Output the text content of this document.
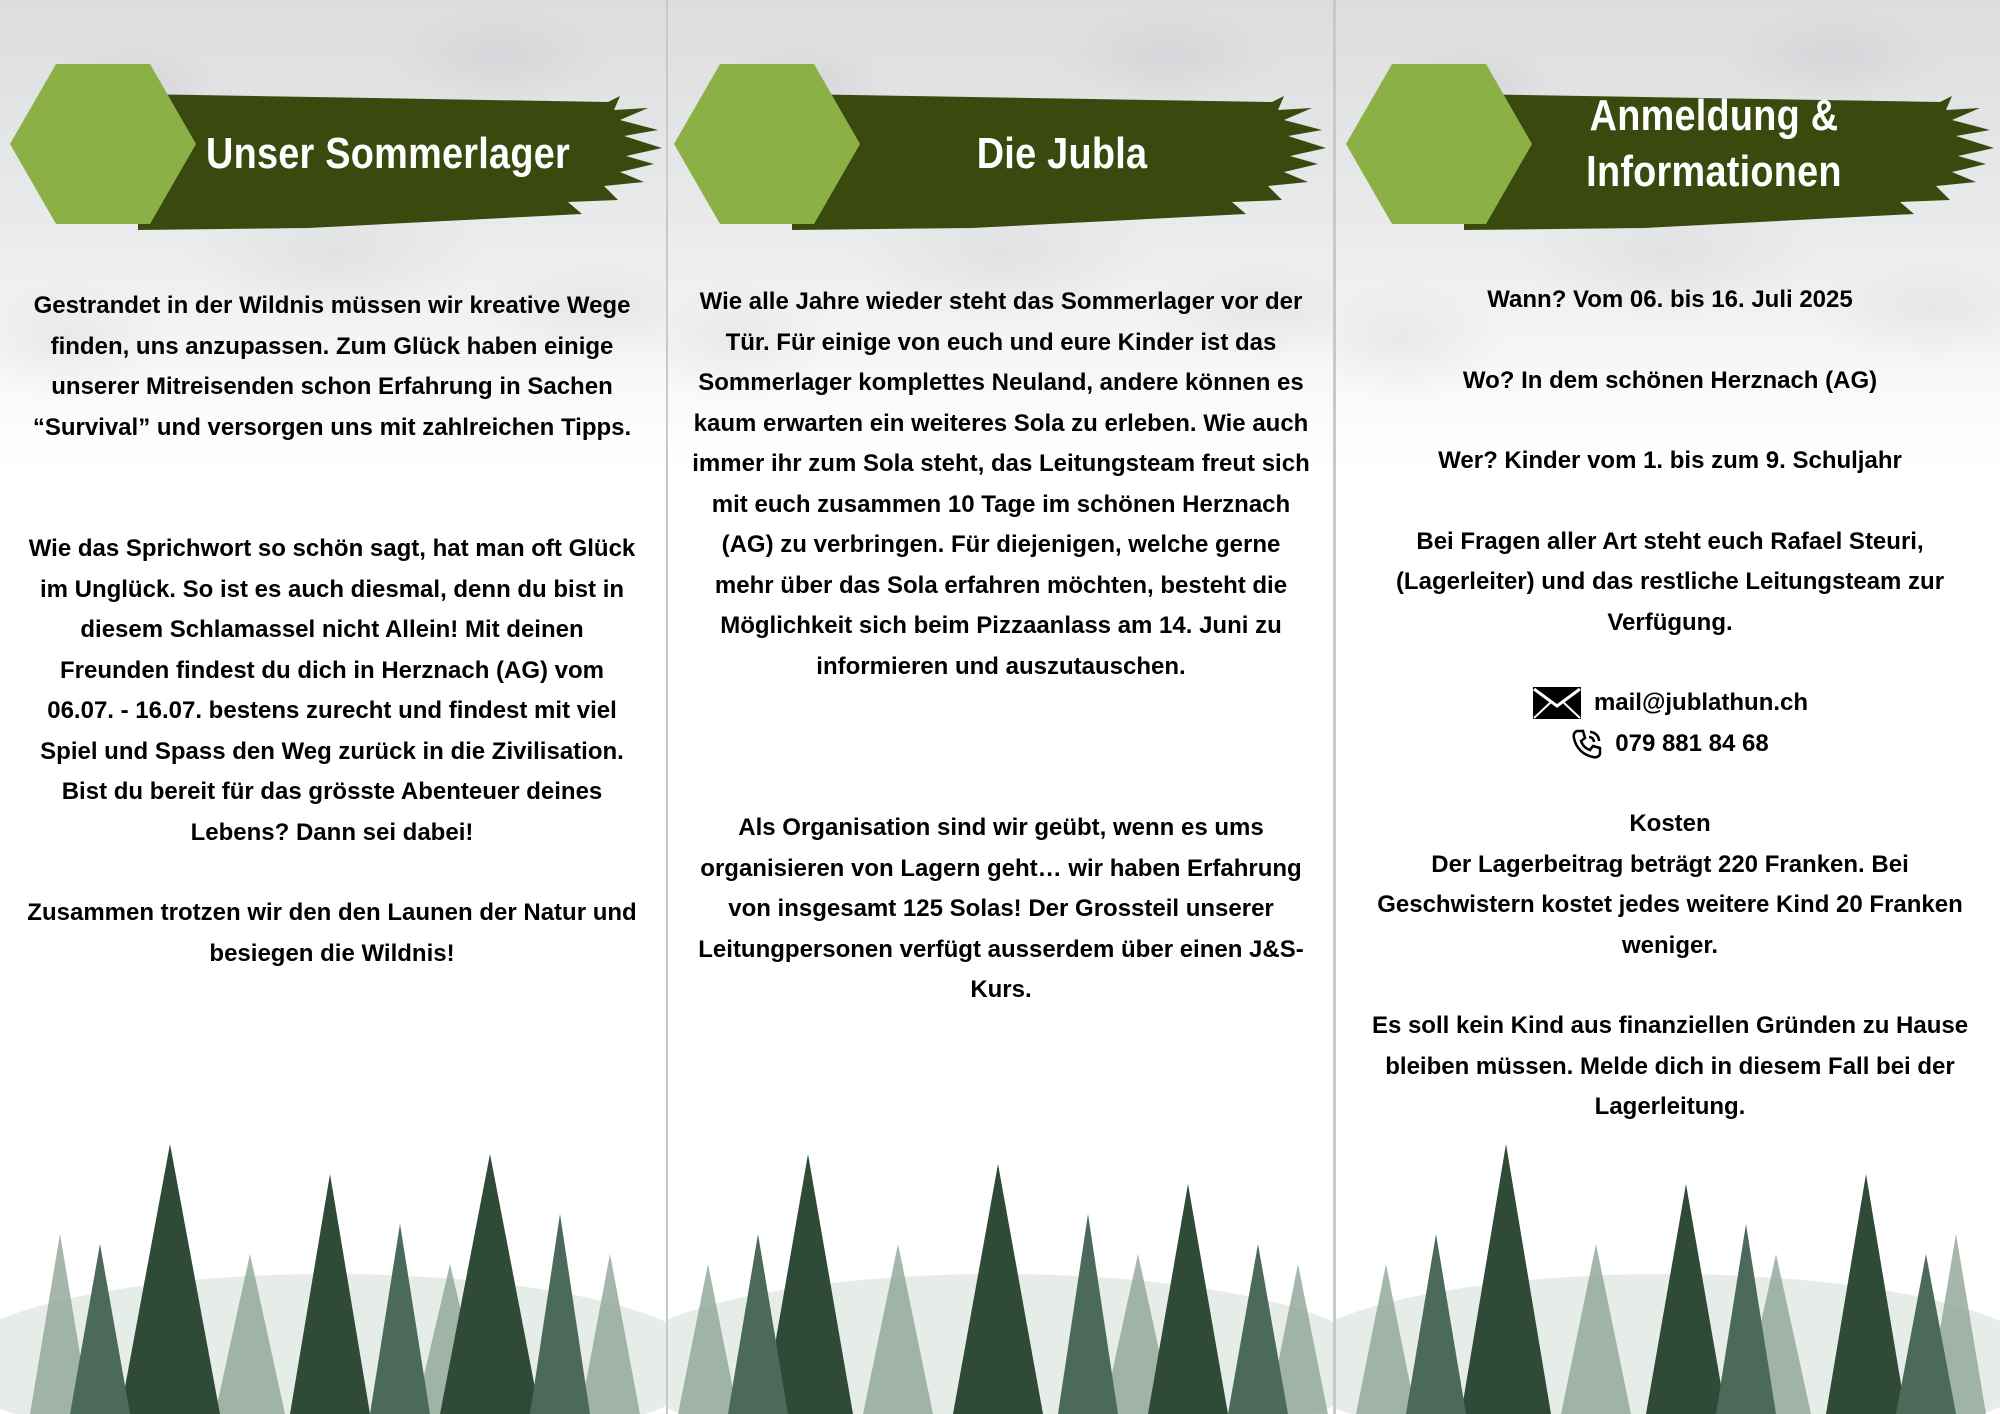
Unser Sommerlager

Gestrandet in der Wildnis müssen wir kreative Wege finden, uns anzupassen. Zum Glück haben einige unserer Mitreisenden schon Erfahrung in Sachen “Survival” und versorgen uns mit zahlreichen Tipps.

Wie das Sprichwort so schön sagt, hat man oft Glück im Unglück. So ist es auch diesmal, denn du bist in diesem Schlamassel nicht Allein! Mit deinen Freunden findest du dich in Herznach (AG) vom 06.07. - 16.07. bestens zurecht und findest mit viel Spiel und Spass den Weg zurück in die Zivilisation. Bist du bereit für das grösste Abenteuer deines Lebens? Dann sei dabei!

Zusammen trotzen wir den den Launen der Natur und besiegen die Wildnis!

Die Jubla

Wie alle Jahre wieder steht das Sommerlager vor der Tür. Für einige von euch und eure Kinder ist das Sommerlager komplettes Neuland, andere können es kaum erwarten ein weiteres Sola zu erleben. Wie auch immer ihr zum Sola steht, das Leitungsteam freut sich mit euch zusammen 10 Tage im schönen Herznach (AG) zu verbringen. Für diejenigen, welche gerne mehr über das Sola erfahren möchten, besteht die Möglichkeit sich beim Pizzaanlass am 14. Juni zu informieren und auszutauschen.

Als Organisation sind wir geübt, wenn es ums organisieren von Lagern geht… wir haben Erfahrung von insgesamt 125 Solas! Der Grossteil unserer Leitungpersonen verfügt ausserdem über einen J&S-Kurs.

Anmeldung &
Informationen

Wann? Vom 06. bis 16. Juli 2025

Wo? In dem schönen Herznach (AG)

Wer? Kinder vom 1. bis zum 9. Schuljahr

Bei Fragen aller Art steht euch Rafael Steuri, (Lagerleiter) und das restliche Leitungsteam zur Verfügung.

mail@jublathun.ch
079 881 84 68

Kosten

Der Lagerbeitrag beträgt 220 Franken. Bei Geschwistern kostet jedes weitere Kind 20 Franken weniger.

Es soll kein Kind aus finanziellen Gründen zu Hause bleiben müssen. Melde dich in diesem Fall bei der Lagerleitung.
